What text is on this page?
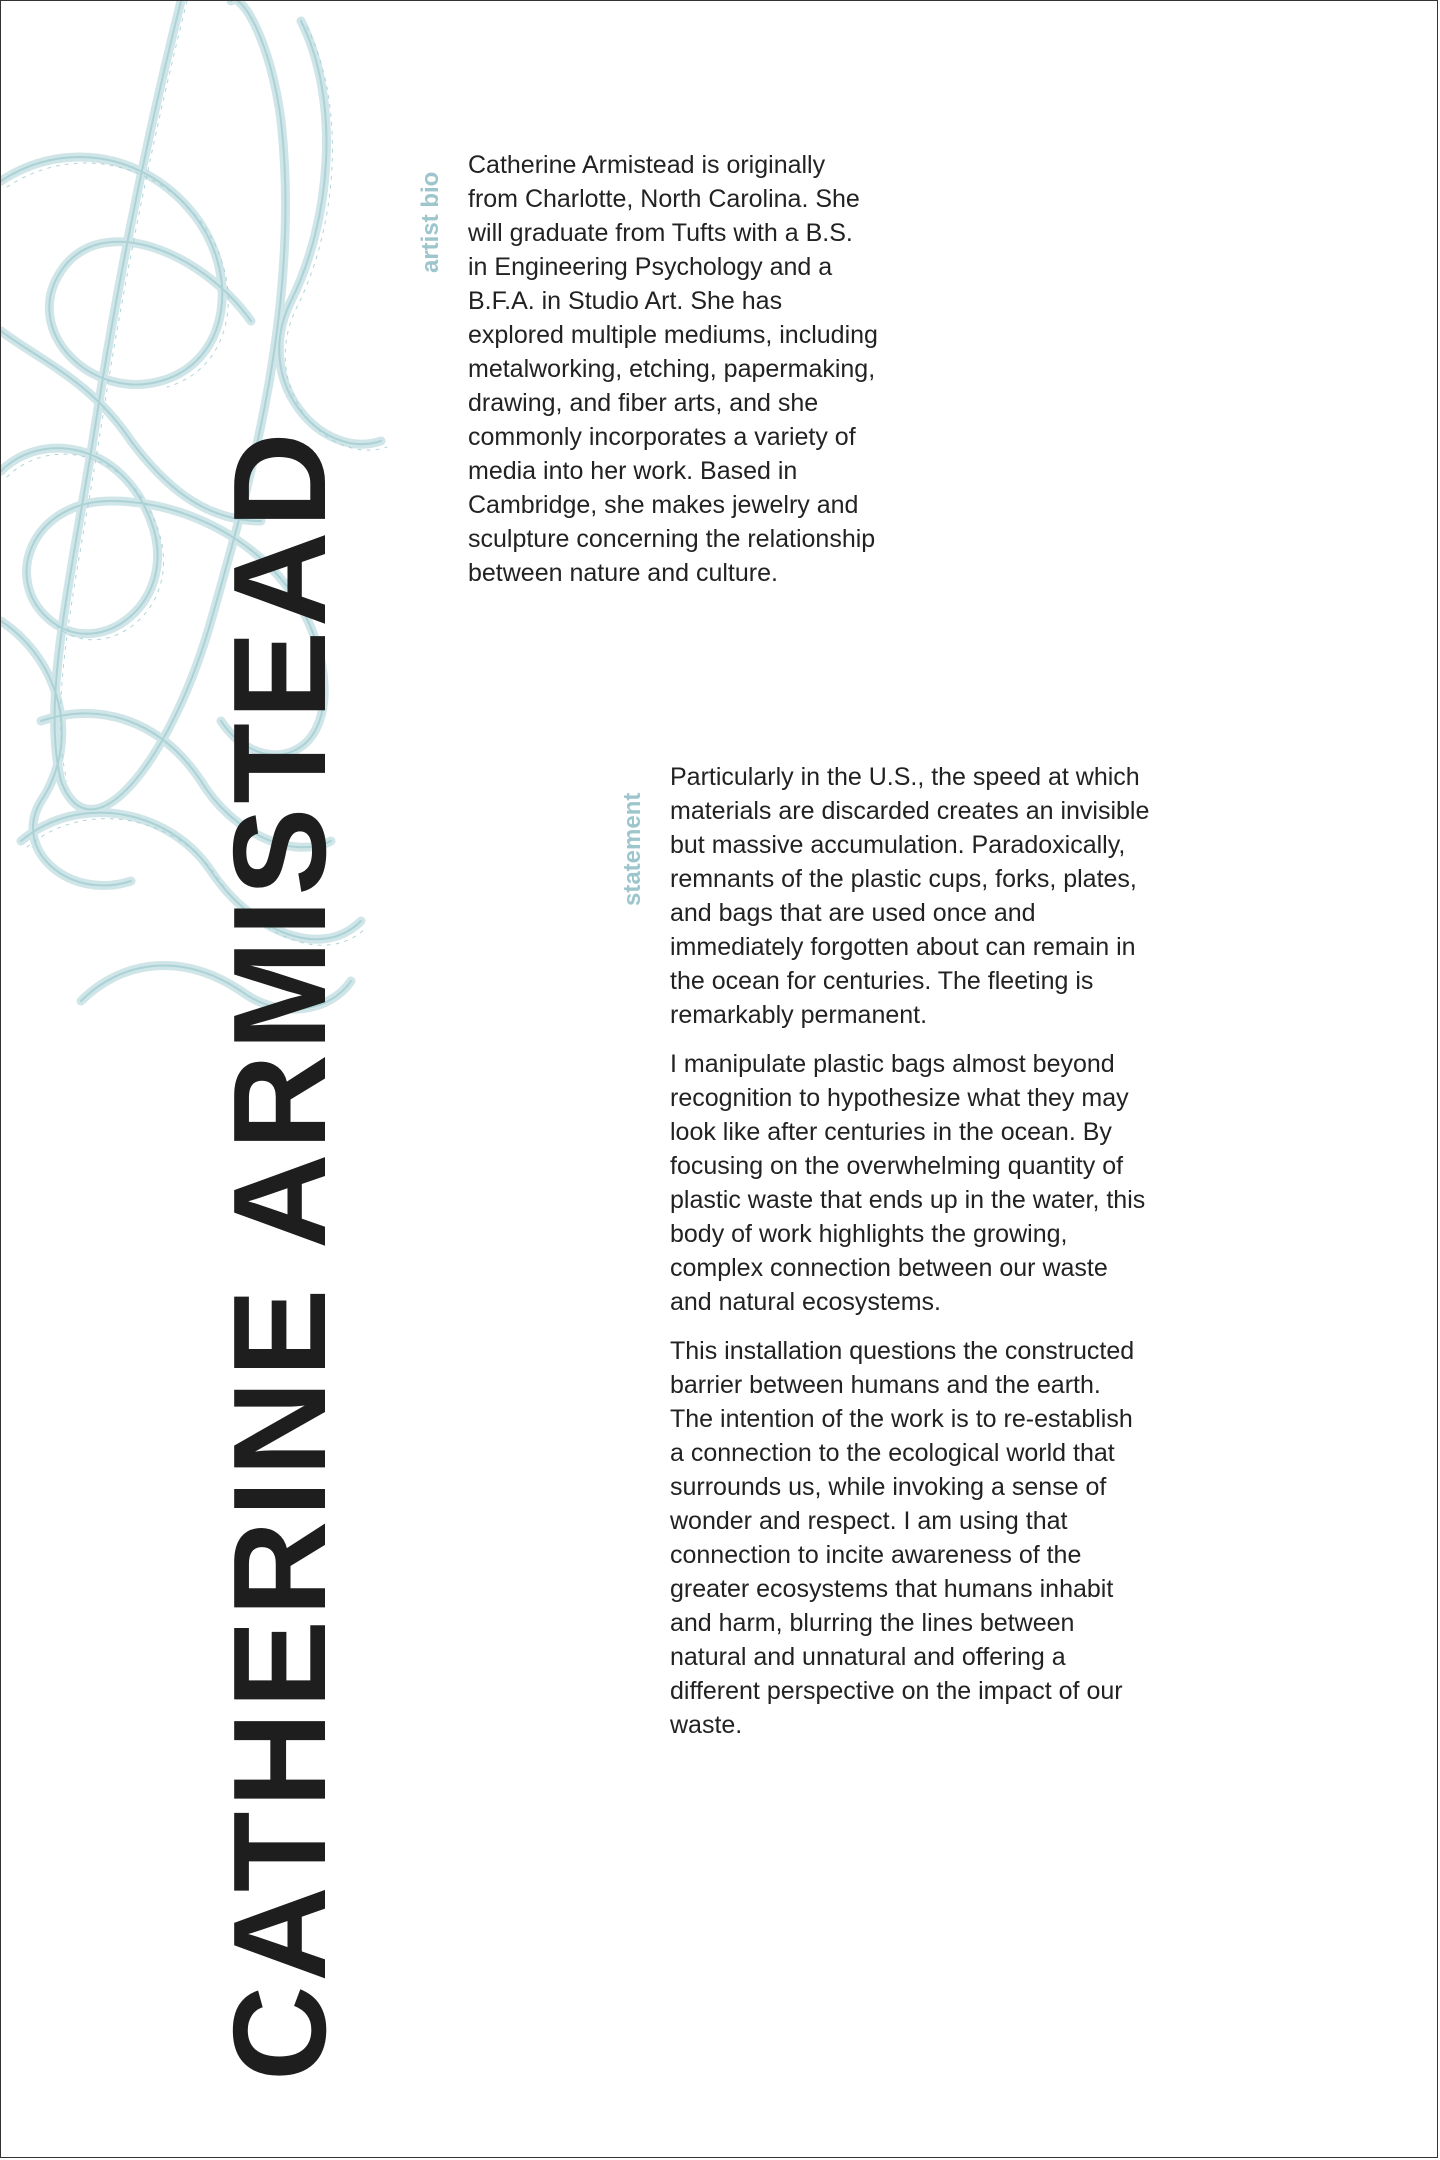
CATHERINE ARMISTEAD
artist bio
Catherine Armistead is originally from Charlotte, North Carolina. She will graduate from Tufts with a B.S. in Engineering Psychology and a B.F.A. in Studio Art. She has explored multiple mediums, including metalworking, etching, papermaking, drawing, and fiber arts, and she commonly incorporates a variety of media into her work. Based in Cambridge, she makes jewelry and sculpture concerning the relationship between nature and culture.
statement

Particularly in the U.S., the speed at which materials are discarded creates an invisible but massive accumulation. Paradoxically, remnants of the plastic cups, forks, plates, and bags that are used once and immediately forgotten about can remain in the ocean for centuries. The fleeting is remarkably permanent.

I manipulate plastic bags almost beyond recognition to hypothesize what they may look like after centuries in the ocean. By focusing on the overwhelming quantity of plastic waste that ends up in the water, this body of work highlights the growing, complex connection between our waste and natural ecosystems.

This installation questions the constructed barrier between humans and the earth. The intention of the work is to re-establish a connection to the ecological world that surrounds us, while invoking a sense of wonder and respect. I am using that connection to incite awareness of the greater ecosystems that humans inhabit and harm, blurring the lines between natural and unnatural and offering a different perspective on the impact of our waste.
